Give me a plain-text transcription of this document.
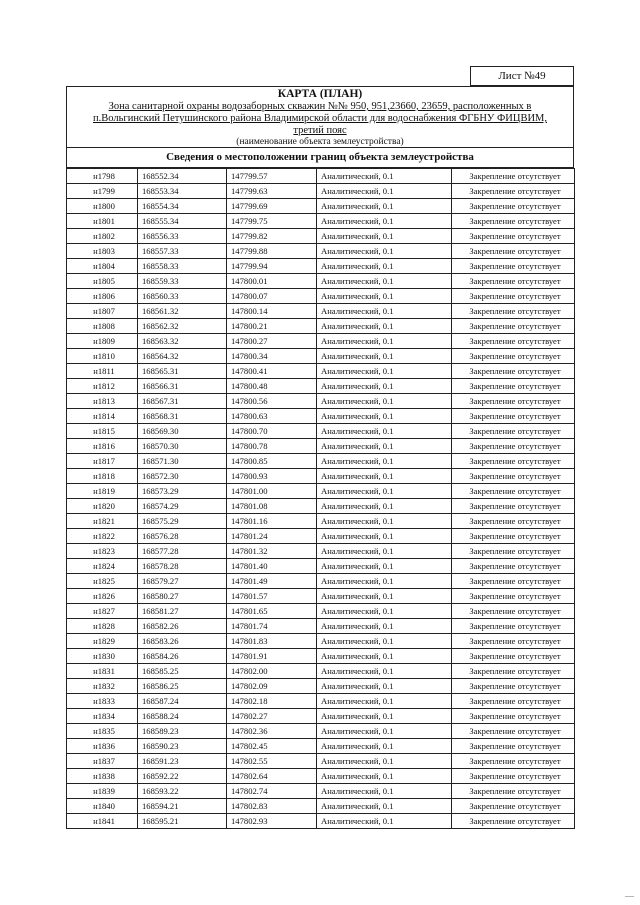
Лист №49
КАРТА (ПЛАН)
Зона санитарной охраны водозаборных скважин №№ 950, 951,23660, 23659, расположенных в
п.Вольгинский Петушинского района Владимирской области для водоснабжения ФГБНУ ФИЦВИМ,
третий пояс
(наименование объекта землеустройства)
Сведения о местоположении границ объекта землеустройства
н1798	168552.34	147799.57	Аналитический, 0.1	Закрепление отсутствует
н1799	168553.34	147799.63	Аналитический, 0.1	Закрепление отсутствует
н1800	168554.34	147799.69	Аналитический, 0.1	Закрепление отсутствует
н1801	168555.34	147799.75	Аналитический, 0.1	Закрепление отсутствует
н1802	168556.33	147799.82	Аналитический, 0.1	Закрепление отсутствует
н1803	168557.33	147799.88	Аналитический, 0.1	Закрепление отсутствует
н1804	168558.33	147799.94	Аналитический, 0.1	Закрепление отсутствует
н1805	168559.33	147800.01	Аналитический, 0.1	Закрепление отсутствует
н1806	168560.33	147800.07	Аналитический, 0.1	Закрепление отсутствует
н1807	168561.32	147800.14	Аналитический, 0.1	Закрепление отсутствует
н1808	168562.32	147800.21	Аналитический, 0.1	Закрепление отсутствует
н1809	168563.32	147800.27	Аналитический, 0.1	Закрепление отсутствует
н1810	168564.32	147800.34	Аналитический, 0.1	Закрепление отсутствует
н1811	168565.31	147800.41	Аналитический, 0.1	Закрепление отсутствует
н1812	168566.31	147800.48	Аналитический, 0.1	Закрепление отсутствует
н1813	168567.31	147800.56	Аналитический, 0.1	Закрепление отсутствует
н1814	168568.31	147800.63	Аналитический, 0.1	Закрепление отсутствует
н1815	168569.30	147800.70	Аналитический, 0.1	Закрепление отсутствует
н1816	168570.30	147800.78	Аналитический, 0.1	Закрепление отсутствует
н1817	168571.30	147800.85	Аналитический, 0.1	Закрепление отсутствует
н1818	168572.30	147800.93	Аналитический, 0.1	Закрепление отсутствует
н1819	168573.29	147801.00	Аналитический, 0.1	Закрепление отсутствует
н1820	168574.29	147801.08	Аналитический, 0.1	Закрепление отсутствует
н1821	168575.29	147801.16	Аналитический, 0.1	Закрепление отсутствует
н1822	168576.28	147801.24	Аналитический, 0.1	Закрепление отсутствует
н1823	168577.28	147801.32	Аналитический, 0.1	Закрепление отсутствует
н1824	168578.28	147801.40	Аналитический, 0.1	Закрепление отсутствует
н1825	168579.27	147801.49	Аналитический, 0.1	Закрепление отсутствует
н1826	168580.27	147801.57	Аналитический, 0.1	Закрепление отсутствует
н1827	168581.27	147801.65	Аналитический, 0.1	Закрепление отсутствует
н1828	168582.26	147801.74	Аналитический, 0.1	Закрепление отсутствует
н1829	168583.26	147801.83	Аналитический, 0.1	Закрепление отсутствует
н1830	168584.26	147801.91	Аналитический, 0.1	Закрепление отсутствует
н1831	168585.25	147802.00	Аналитический, 0.1	Закрепление отсутствует
н1832	168586.25	147802.09	Аналитический, 0.1	Закрепление отсутствует
н1833	168587.24	147802.18	Аналитический, 0.1	Закрепление отсутствует
н1834	168588.24	147802.27	Аналитический, 0.1	Закрепление отсутствует
н1835	168589.23	147802.36	Аналитический, 0.1	Закрепление отсутствует
н1836	168590.23	147802.45	Аналитический, 0.1	Закрепление отсутствует
н1837	168591.23	147802.55	Аналитический, 0.1	Закрепление отсутствует
н1838	168592.22	147802.64	Аналитический, 0.1	Закрепление отсутствует
н1839	168593.22	147802.74	Аналитический, 0.1	Закрепление отсутствует
н1840	168594.21	147802.83	Аналитический, 0.1	Закрепление отсутствует
н1841	168595.21	147802.93	Аналитический, 0.1	Закрепление отсутствует
—
